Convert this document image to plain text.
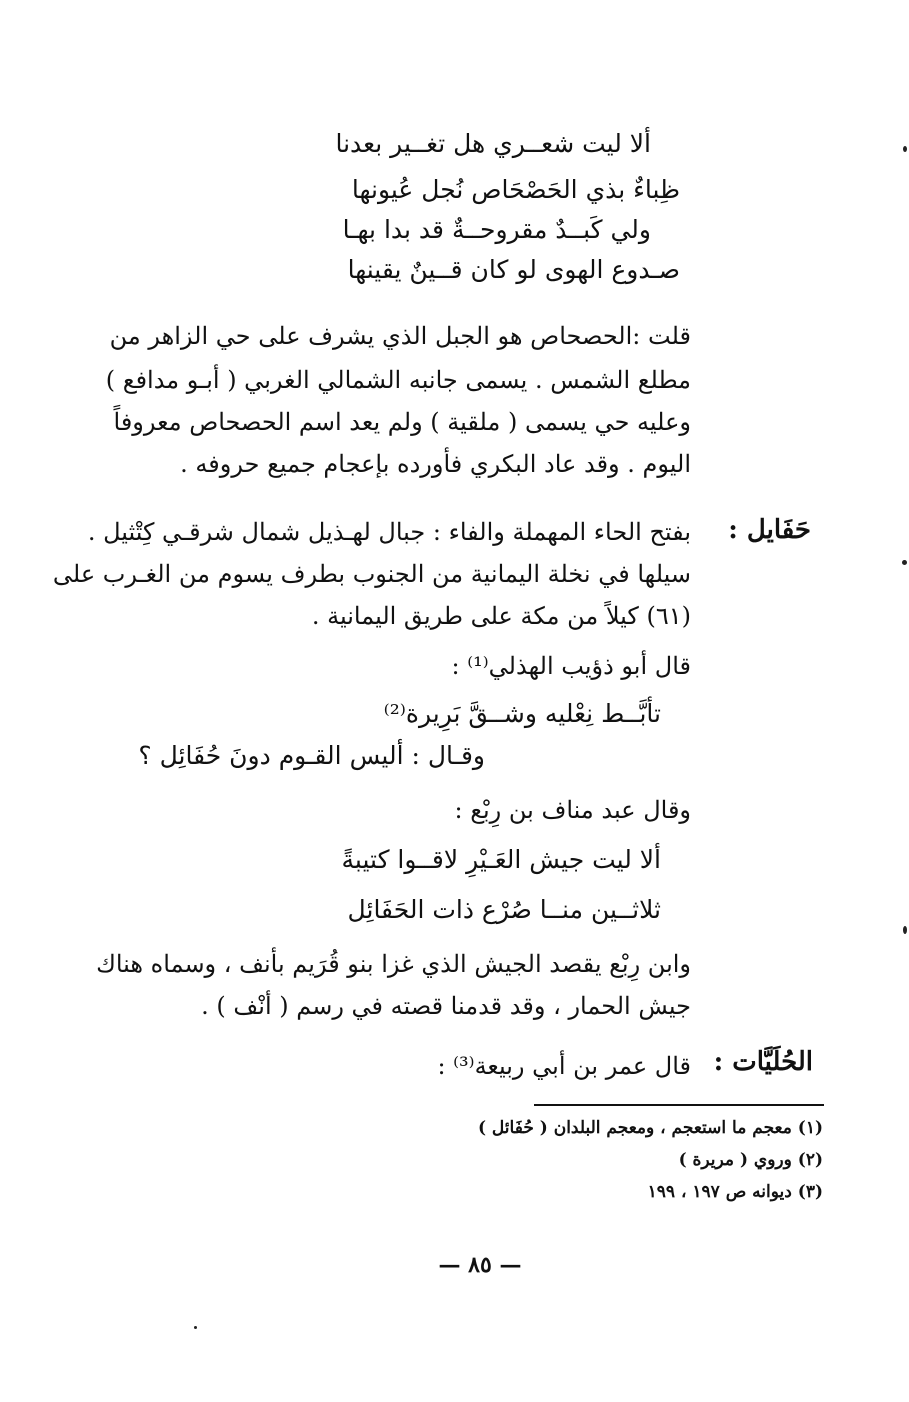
ألا ليت شعــري هل تغــير بعدنا
ظِباءٌ بذي الحَصْحَاص نُجل عُيونها
ولي كَبــدٌ مقروحــةٌ قد بدا بهـا
صـدوع الهوى لو كان قــينٌ يقينها
قلت :الحصحاص هو الجبل الذي يشرف على حي الزاهر من
مطلع الشمس . يسمى جانبه الشمالي الغربي ( أبـو مدافع )
وعليه حي يسمى ( ملقية ) ولم يعد اسم الحصحاص معروفاً
اليوم . وقد عاد البكري فأورده بإعجام جميع حروفه .
حَفَايل :
بفتح الحاء المهملة والفاء : جبال لهـذيل شمال شرقـي كِتْثيل .
سيلها في نخلة اليمانية من الجنوب بطرف يسوم من الغـرب على
(٦١) كيلاً من مكة على طريق اليمانية .
قال أبو ذؤيب الهذلي⁽¹⁾ :
تأبَّــط نِعْليه وشــقَّ بَرِيرة⁽²⁾
وقـال : أليس القـوم دونَ حُفَائِل ؟
وقال عبد مناف بن رِبْع :
ألا ليت جيش العَـيْرِ لاقــوا كتيبةً
ثلاثــين منــا صُرْع ذات الحَفَائِل
وابن رِبْع يقصد الجيش الذي غزا بنو قُرَيم بأنف ، وسماه هناك
جيش الحمار ، وقد قدمنا قصته في رسم ( أنْف ) .
الحُلَيَّات :
قال عمر بن أبي ربيعة⁽³⁾ :
(١) معجم ما استعجم ، ومعجم البلدان ( حُفَائل )
(٢) وروي ( مريرة )
(٣) ديوانه ص ١٩٧ ، ١٩٩
— ٨٥ —
